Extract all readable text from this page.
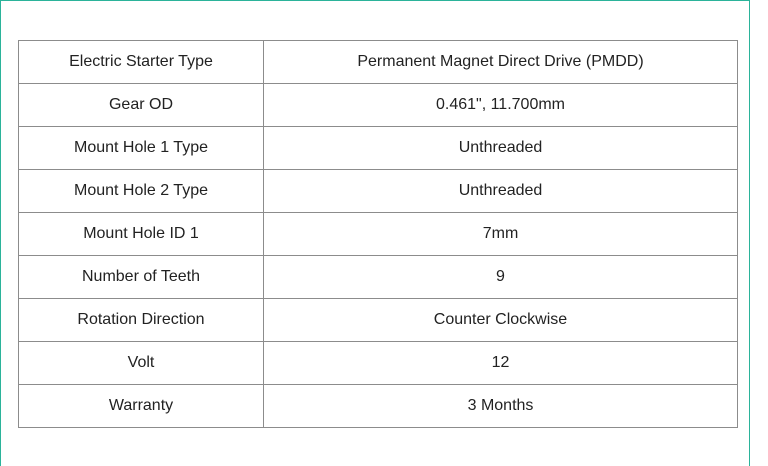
Electric Starter Type	Permanent Magnet Direct Drive (PMDD)
Gear OD	0.461", 11.700mm
Mount Hole 1 Type	Unthreaded
Mount Hole 2 Type	Unthreaded
Mount Hole ID 1	7mm
Number of Teeth	9
Rotation Direction	Counter Clockwise
Volt	12
Warranty	3 Months
